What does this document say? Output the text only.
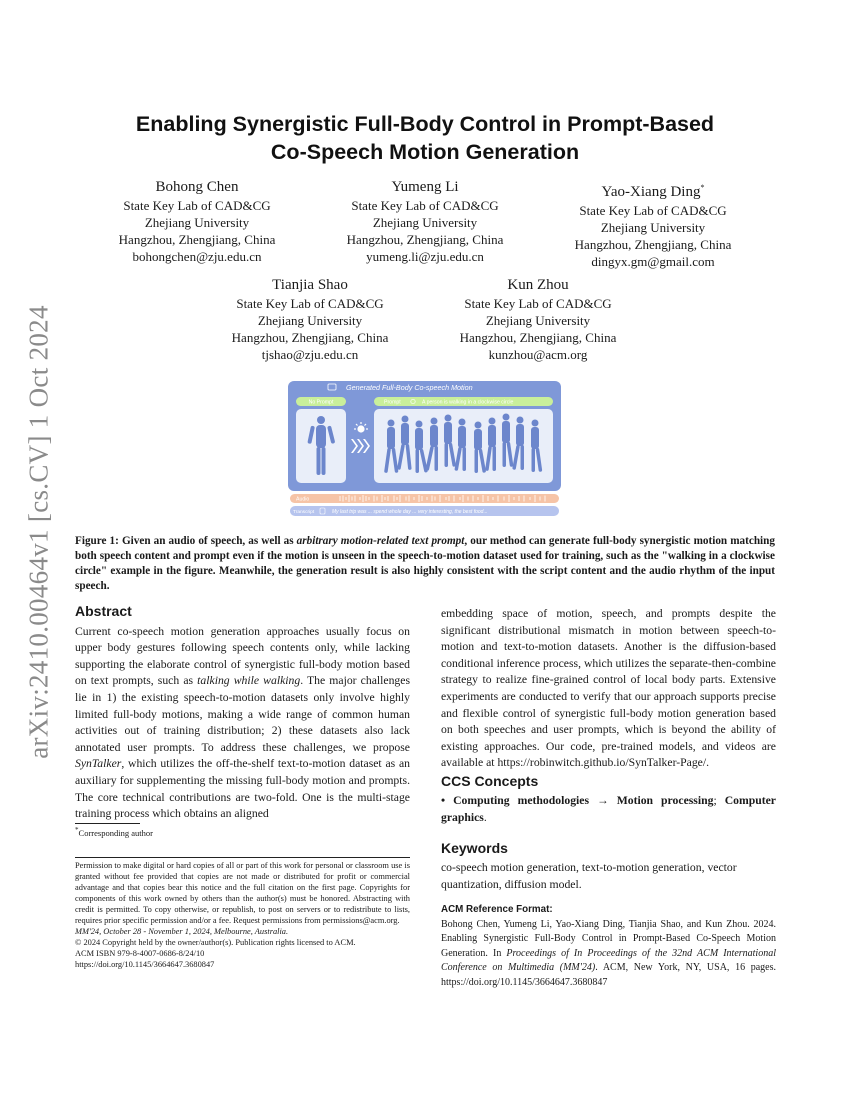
arXiv:2410.00464v1 [cs.CV] 1 Oct 2024
Enabling Synergistic Full-Body Control in Prompt-Based
Co-Speech Motion Generation
Bohong Chen
State Key Lab of CAD&CG
Zhejiang University
Hangzhou, Zhengjiang, China
bohongchen@zju.edu.cn
Yumeng Li
State Key Lab of CAD&CG
Zhejiang University
Hangzhou, Zhengjiang, China
yumeng.li@zju.edu.cn
Yao-Xiang Ding*
State Key Lab of CAD&CG
Zhejiang University
Hangzhou, Zhengjiang, China
dingyx.gm@gmail.com
Tianjia Shao
State Key Lab of CAD&CG
Zhejiang University
Hangzhou, Zhengjiang, China
tjshao@zju.edu.cn
Kun Zhou
State Key Lab of CAD&CG
Zhejiang University
Hangzhou, Zhengjiang, China
kunzhou@acm.org
Generated Full-Body Co-speech Motion
No Prompt	Prompt	A person is walking in a clockwise circle
Audio
Transcript	My last trip was ... spend whole day ... very interesting, the best food...
Figure 1: Given an audio of speech, as well as arbitrary motion-related text prompt, our method can generate full-body synergistic motion matching both speech content and prompt even if the motion is unseen in the speech-to-motion dataset used for training, such as the "walking in a clockwise circle" example in the figure. Meanwhile, the generation result is also highly consistent with the script content and the audio rhythm of the input speech.
Abstract

Current co-speech motion generation approaches usually focus on upper body gestures following speech contents only, while lacking supporting the elaborate control of synergistic full-body motion based on text prompts, such as talking while walking. The major challenges lie in 1) the existing speech-to-motion datasets only involve highly limited full-body motions, making a wide range of common human activities out of training distribution; 2) these datasets also lack annotated user prompts. To address these challenges, we propose SynTalker, which utilizes the off-the-shelf text-to-motion dataset as an auxiliary for supplementing the missing full-body motion and prompts. The core technical contributions are two-fold. One is the multi-stage training process which obtains an aligned

embedding space of motion, speech, and prompts despite the significant distributional mismatch in motion between speech-to-motion and text-to-motion datasets. Another is the diffusion-based conditional inference process, which utilizes the separate-then-combine strategy to realize fine-grained control of local body parts. Extensive experiments are conducted to verify that our approach supports precise and flexible control of synergistic full-body motion generation based on both speeches and user prompts, which is beyond the ability of existing approaches. Our code, pre-trained models, and videos are available at https://robinwitch.github.io/SynTalker-Page/.

CCS Concepts
• Computing methodologies → Motion processing; Computer graphics.
Keywords
co-speech motion generation, text-to-motion generation, vector quantization, diffusion model.
ACM Reference Format:
Bohong Chen, Yumeng Li, Yao-Xiang Ding, Tianjia Shao, and Kun Zhou. 2024. Enabling Synergistic Full-Body Control in Prompt-Based Co-Speech Motion Generation. In Proceedings of In Proceedings of the 32nd ACM International Conference on Multimedia (MM'24). ACM, New York, NY, USA, 16 pages. https://doi.org/10.1145/3664647.3680847
*Corresponding author
Permission to make digital or hard copies of all or part of this work for personal or classroom use is granted without fee provided that copies are not made or distributed for profit or commercial advantage and that copies bear this notice and the full citation on the first page. Copyrights for components of this work owned by others than the author(s) must be honored. Abstracting with credit is permitted. To copy otherwise, or republish, to post on servers or to redistribute to lists, requires prior specific permission and/or a fee. Request permissions from permissions@acm.org.
MM'24, October 28 - November 1, 2024, Melbourne, Australia.
© 2024 Copyright held by the owner/author(s). Publication rights licensed to ACM.
ACM ISBN 979-8-4007-0686-8/24/10
https://doi.org/10.1145/3664647.3680847
